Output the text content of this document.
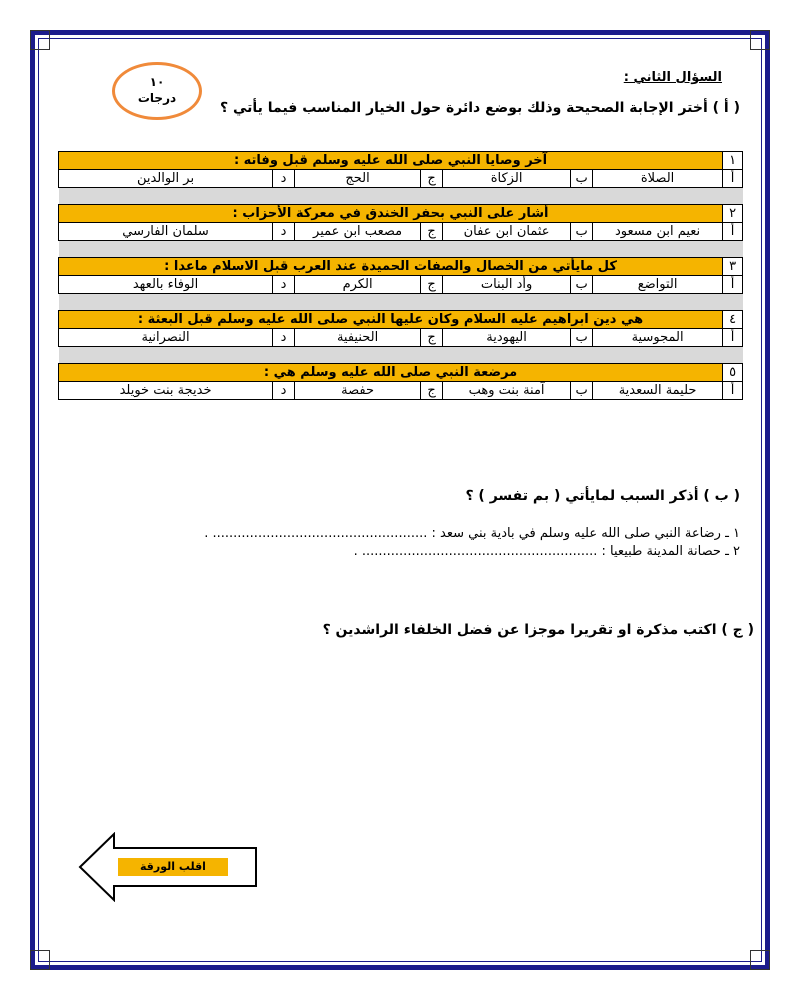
١٠
درجات
السؤال الثاني :
( أ ) أختر الإجابة الصحيحة وذلك بوضع دائرة حول الخيار المناسب فيما يأتي ؟
١	آخر وصايا النبي صلى الله عليه وسلم قبل وفاته :						
أ	الصلاة	ب	الزكاة	ج	الحج	د	بر الوالدين

٢	أشار على النبي بحفر الخندق في معركة الأحزاب :						
أ	نعيم ابن مسعود	ب	عثمان ابن عفان	ج	مصعب ابن عمير	د	سلمان الفارسي

٣	كل مايأتي من الخصال والصفات الحميدة عند العرب قبل الاسلام ماعدا :						
أ	التواضع	ب	وأد البنات	ج	الكرم	د	الوفاء بالعهد

٤	هي دين ابراهيم عليه السلام وكان عليها النبي صلى الله عليه وسلم قبل البعثة :						
أ	المجوسية	ب	اليهودية	ج	الحنيفية	د	النصرانية

٥	مرضعة النبي صلى الله عليه وسلم هي :						
أ	حليمة السعدية	ب	آمنة بنت وهب	ج	حفصة	د	خديجة بنت خويلد
( ب ) أذكر السبب لمايأتي ( بم تفسر ) ؟
١ ـ رضاعة النبي صلى الله عليه وسلم في بادية بني سعد : .................................................... .
٢ ـ حصانة المدينة طبيعيا : ......................................................... .
( ج ) اكتب مذكرة او تقريرا موجزا عن فضل الخلفاء الراشدين ؟
اقلب الورقة
